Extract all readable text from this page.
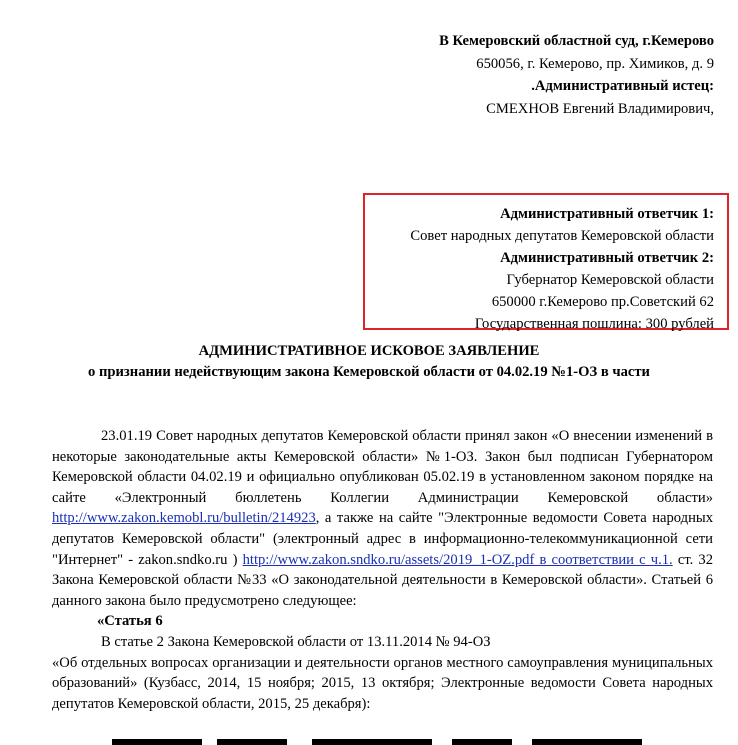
В Кемеровский областной суд, г.Кемерово
650056, г. Кемерово, пр. Химиков, д. 9
.Административный истец:
СМЕХНОВ Евгений Владимирович,
Административный ответчик 1:
Совет народных депутатов Кемеровской области
Административный ответчик 2:
Губернатор Кемеровской области
650000 г.Кемерово пр.Советский 62
Государственная пошлина: 300 рублей
АДМИНИСТРАТИВНОЕ ИСКОВОЕ ЗАЯВЛЕНИЕ
о признании недействующим закона Кемеровской области от 04.02.19 №1-ОЗ в части

23.01.19 Совет народных депутатов Кемеровской области принял закон «О внесении изменений в некоторые законодательные акты Кемеровской области» №1-ОЗ. Закон был подписан Губернатором Кемеровской области 04.02.19 и официально опубликован 05.02.19 в установленном законом порядке на сайте «Электронный бюллетень Коллегии Администрации Кемеровской области» http://www.zakon.kemobl.ru/bulletin/214923, а также на сайте "Электронные ведомости Совета народных депутатов Кемеровской области" (электронный адрес в информационно-телекоммуникационной сети "Интернет" - zakon.sndko.ru ) http://www.zakon.sndko.ru/assets/2019_1-OZ.pdf в соответствии с ч.1. ст. 32 Закона Кемеровской области №33 «О законодательной деятельности в Кемеровской области». Статьей 6 данного закона было предусмотрено следующее:

«Статья 6

В статье 2 Закона Кемеровской области от 13.11.2014 № 94-ОЗ

«Об отдельных вопросах организации и деятельности органов местного самоуправления муниципальных образований» (Кузбасс, 2014, 15 ноября; 2015, 13 октября; Электронные ведомости Совета народных депутатов Кемеровской области, 2015, 25 декабря):
